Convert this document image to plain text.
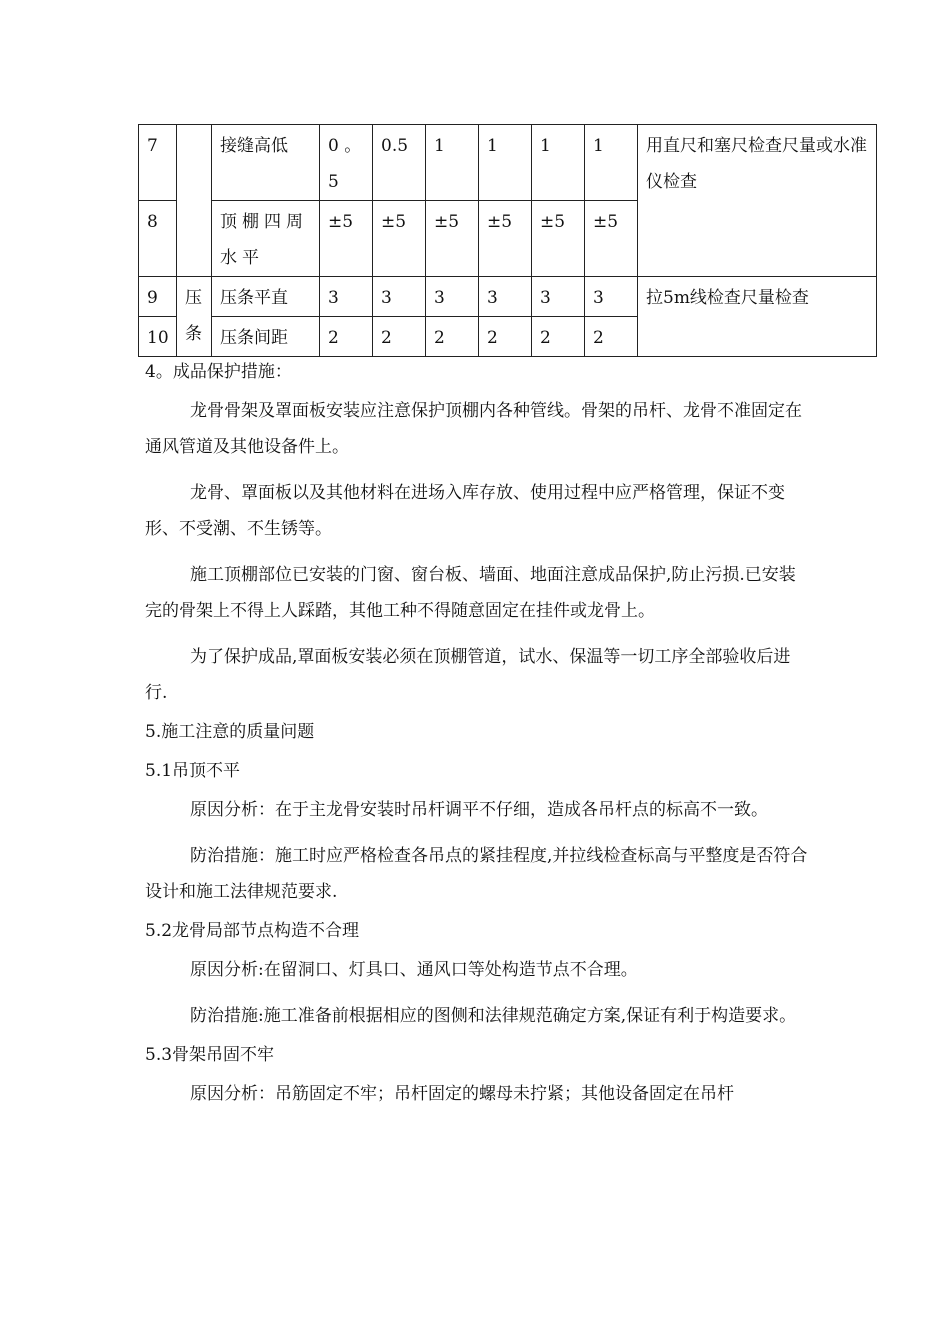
7		接缝高低	0 。 5	0.5	1	1	1	1	用直尺和塞尺检查尺量或水准仪检查
8		顶棚四周水平	±5	±5	±5	±5	±5	±5	
9	压条	压条平直	3	3	3	3	3	3	拉5m线检查尺量检查
10		压条间距	2	2	2	2	2	2	

4。成品保护措施：

龙骨骨架及罩面板安装应注意保护顶棚内各种管线。骨架的吊杆、龙骨不准固定在通风管道及其他设备件上。

龙骨、罩面板以及其他材料在进场入库存放、使用过程中应严格管理，保证不变形、不受潮、不生锈等。

施工顶棚部位已安装的门窗、窗台板、墙面、地面注意成品保护,防止污损.已安装完的骨架上不得上人踩踏，其他工种不得随意固定在挂件或龙骨上。

为了保护成品,罩面板安装必须在顶棚管道，试水、保温等一切工序全部验收后进行.

5.施工注意的质量问题

5.1吊顶不平

原因分析：在于主龙骨安装时吊杆调平不仔细，造成各吊杆点的标高不一致。

防治措施：施工时应严格检查各吊点的紧挂程度,并拉线检查标高与平整度是否符合设计和施工法律规范要求.

5.2龙骨局部节点构造不合理

原因分析:在留洞口、灯具口、通风口等处构造节点不合理。

防治措施:施工准备前根据相应的图侧和法律规范确定方案,保证有利于构造要求。

5.3骨架吊固不牢

原因分析：吊筋固定不牢；吊杆固定的螺母未拧紧；其他设备固定在吊杆
